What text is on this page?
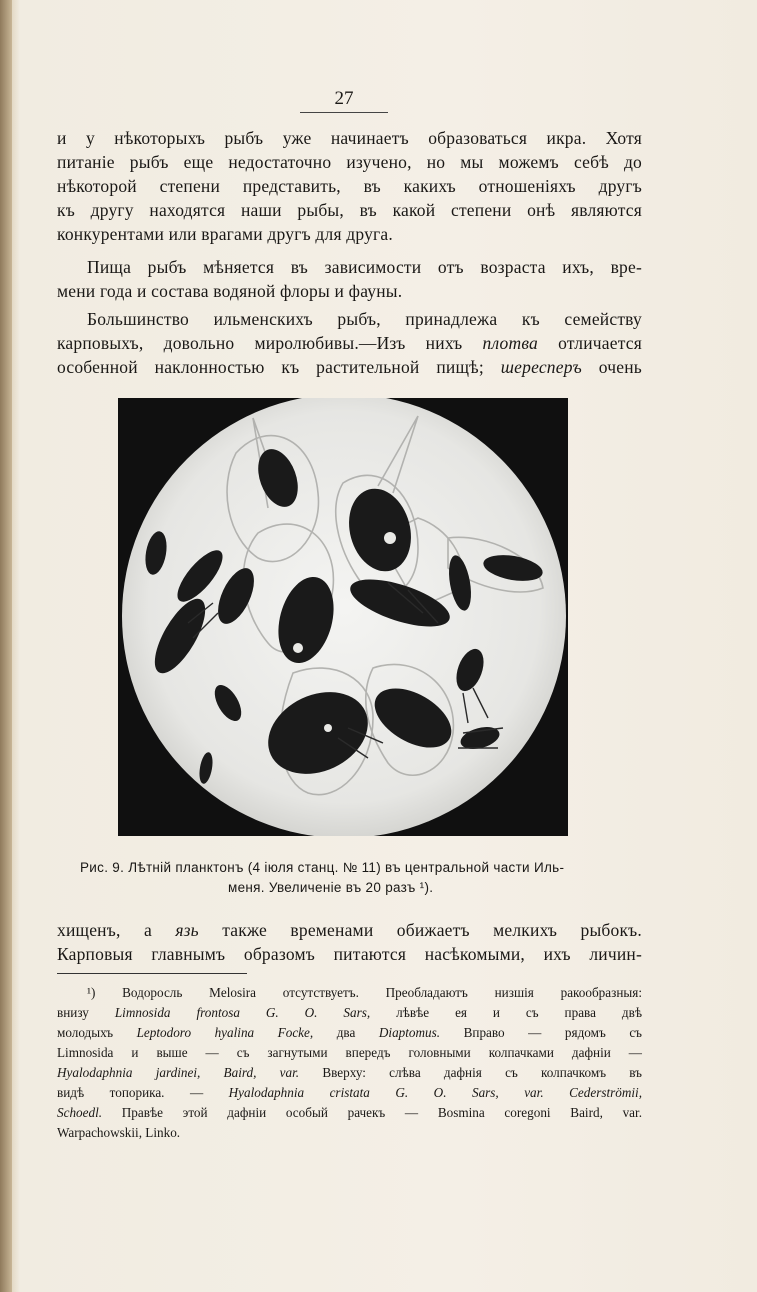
27
и у нѣкоторыхъ рыбъ уже начинаетъ образоваться икра. Хотя
питаніе рыбъ еще недостаточно изучено, но мы можемъ себѣ до
нѣкоторой степени представить, въ какихъ отношеніяхъ другъ
къ другу находятся наши рыбы, въ какой степени онѣ являются
конкурентами или врагами другъ для друга.
Пища рыбъ мѣняется въ зависимости отъ возраста ихъ, вре-
мени года и состава водяной флоры и фауны.
Большинство ильменскихъ рыбъ, принадлежа къ семейству
карповыхъ, довольно миролюбивы.—Изъ нихъ плотва отличается
особенной наклонностью къ растительной пищѣ; шересперъ очень
Рис. 9. Лѣтній планктонъ (4 іюля станц. № 11) въ центральной части Иль-
меня. Увеличеніе въ 20 разъ ¹).
хищенъ, а язь также временами обижаетъ мелкихъ рыбокъ.
Карповыя главнымъ образомъ питаются насѣкомыми, ихъ личин-
¹) Водоросль Melosira отсутствуетъ. Преобладаютъ низшія ракообразныя:
внизу Limnosida frontosa G. O. Sars, лѣвѣе ея и съ права двѣ
молодыхъ Leptodoro hyalina Focke, два Diaptomus. Вправо — рядомъ съ
Limnosida и выше — съ загнутыми впередъ головными колпачками дафніи —
Hyalodaphnia jardinei, Baird, var. Вверху: слѣва дафнія съ колпачкомъ въ
видѣ топорика. — Hyalodaphnia cristata G. O. Sars, var. Cederströmii,
Schoedl. Правѣе этой дафніи особый рачекъ — Bosmina coregoni Baird, var.
Warpachowskii, Linko.
